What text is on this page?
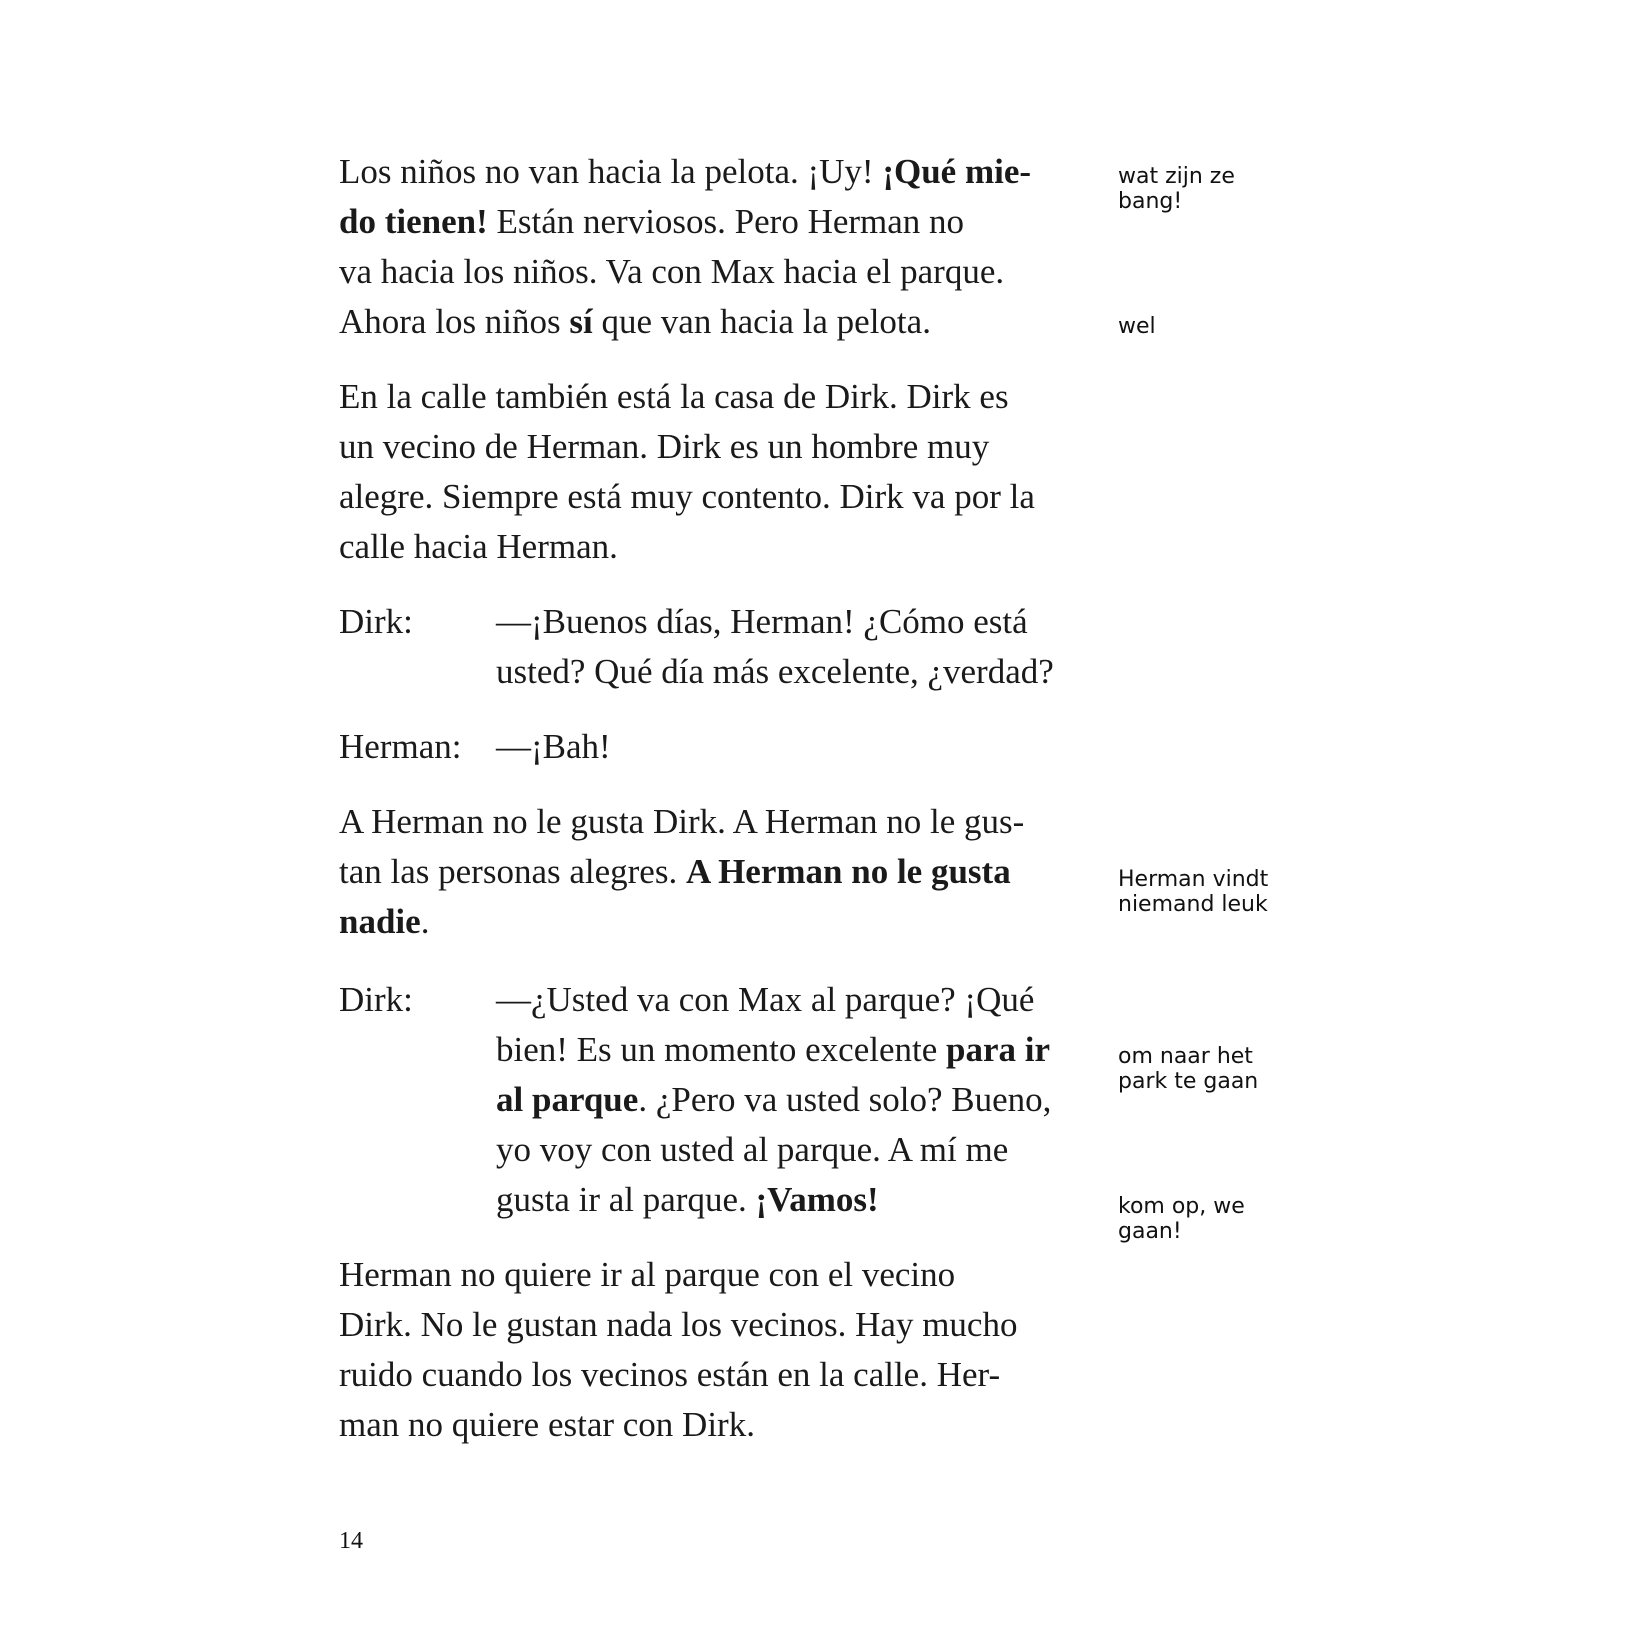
Los niños no van hacia la pelota. ¡Uy! ¡Qué mie-
do tienen! Están nerviosos. Pero Herman no
va hacia los niños. Va con Max hacia el parque.
Ahora los niños sí que van hacia la pelota.
En la calle también está la casa de Dirk. Dirk es
un vecino de Herman. Dirk es un hombre muy
alegre. Siempre está muy contento. Dirk va por la
calle hacia Herman.
Dirk: —¡Buenos días, Herman! ¿Cómo está
usted? Qué día más excelente, ¿verdad?
Herman: —¡Bah!
A Herman no le gusta Dirk. A Herman no le gus-
tan las personas alegres. A Herman no le gusta
nadie.
Dirk: —¿Usted va con Max al parque? ¡Qué
bien! Es un momento excelente para ir
al parque. ¿Pero va usted solo? Bueno,
yo voy con usted al parque. A mí me
gusta ir al parque. ¡Vamos!
Herman no quiere ir al parque con el vecino
Dirk. No le gustan nada los vecinos. Hay mucho
ruido cuando los vecinos están en la calle. Her-
man no quiere estar con Dirk.
wat zijn ze
bang!
wel
Herman vindt
niemand leuk
om naar het
park te gaan
kom op, we
gaan!
14
